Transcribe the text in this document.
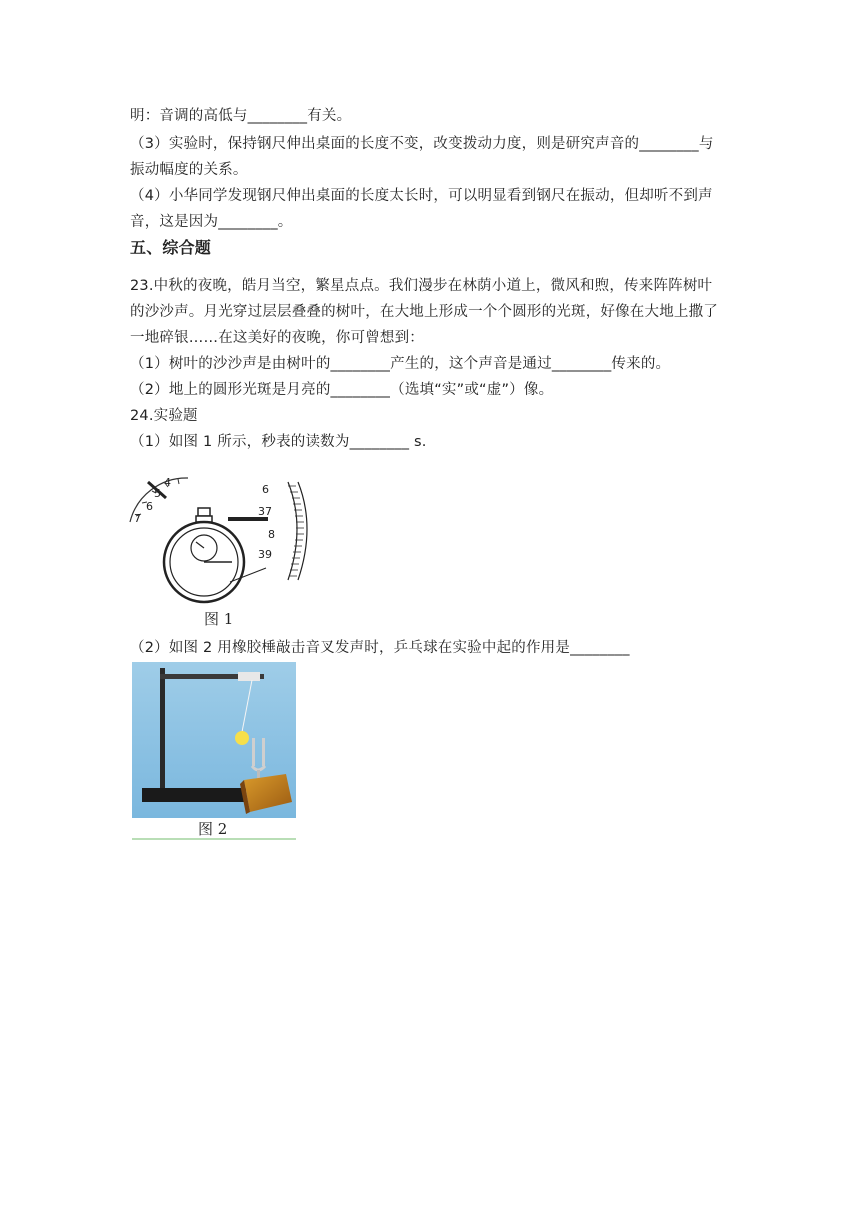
明：音调的高低与________有关。
（3）实验时，保持钢尺伸出桌面的长度不变，改变拨动力度，则是研究声音的________与
振动幅度的关系。
（4）小华同学发现钢尺伸出桌面的长度太长时，可以明显看到钢尺在振动，但却听不到声
音，这是因为________。
五、综合题
23.中秋的夜晚，皓月当空，繁星点点。我们漫步在林荫小道上，微风和煦，传来阵阵树叶
的沙沙声。月光穿过层层叠叠的树叶，在大地上形成一个个圆形的光斑，好像在大地上撒了
一地碎银……在这美好的夜晚，你可曾想到：
（1）树叶的沙沙声是由树叶的________产生的，这个声音是通过________传来的。
（2）地上的圆形光斑是月亮的________（选填“实”或“虚”）像。
24.实验题
（1）如图 1 所示，秒表的读数为________ s.
4
5
6
7
6
37
8
39
图 1
（2）如图 2 用橡胶棰敲击音叉发声时，乒乓球在实验中起的作用是________
图 2
